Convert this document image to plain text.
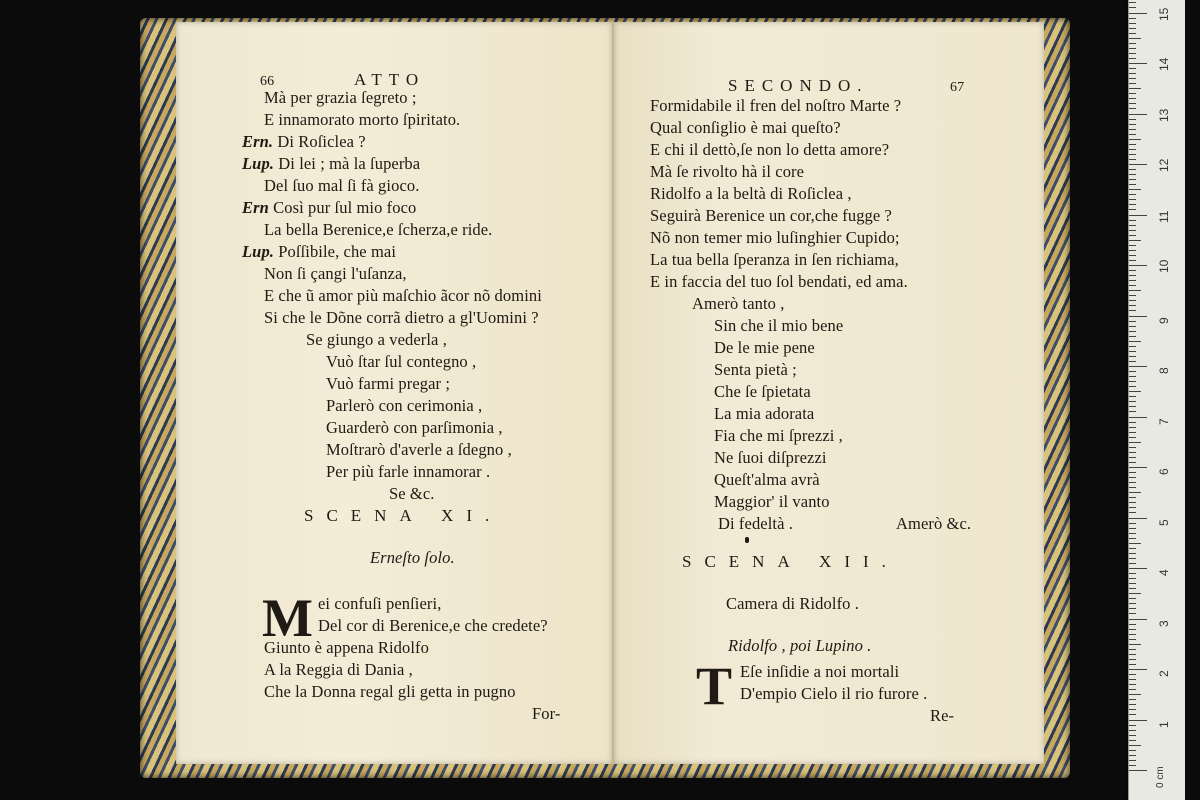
66	ATTO
Mà per grazia ſegreto ;
E innamorato morto ſpiritato.
Ern. Di Roſiclea ?
Lup. Di lei ; mà la ſuperba
Del ſuo mal ſi fà gioco.
Ern Così pur ſul mio foco
La bella Berenice,e ſcherza,e ride.
Lup. Poſſibile, che mai
Non ſi çangi l'uſanza,
E che ũ amor più maſchio ãcor nõ domini
Si che le Dõne corrã dietro a gl'Uomini ?
Se giungo a vederla ,
Vuò ſtar ſul contegno ,
Vuò farmi pregar ;
Parlerò con cerimonia ,
Guarderò con parſimonia ,
Moſtrarò d'averle a ſdegno ,
Per più farle innamorar .
Se &c.
SCENA XI.
Erneſto ſolo.
M ei confuſi penſieri,
Del cor di Berenice,e che credete?
Giunto è appena Ridolfo
A la Reggia di Dania ,
Che la Donna regal gli getta in pugno
For-
SECONDO.	67
Formidabile il fren del noſtro Marte ?
Qual conſiglio è mai queſto?
E chi il dettò,ſe non lo detta amore?
Mà ſe rivolto hà il core
Ridolfo a la beltà di Roſiclea ,
Seguirà Berenice un cor,che fugge ?
Nõ non temer mio luſinghier Cupido;
La tua bella ſperanza in ſen richiama,
E in faccia del tuo ſol bendati, ed ama.
Amerò tanto ,
Sin che il mio bene
De le mie pene
Senta pietà ;
Che ſe ſpietata
La mia adorata
Fia che mi ſprezzi ,
Ne ſuoi diſprezzi
Queſt'alma avrà
Maggior' il vanto
Di fedeltà .	Amerò &c.
SCENA XII.
Camera di Ridolfo .
Ridolfo , poi Lupino .
T Eſe inſidie a noi mortali
D'empio Cielo il rio furore .
Re-	1
2
3
4
5
6
7
8
9
10
11
12
13
14
15
0 cm
